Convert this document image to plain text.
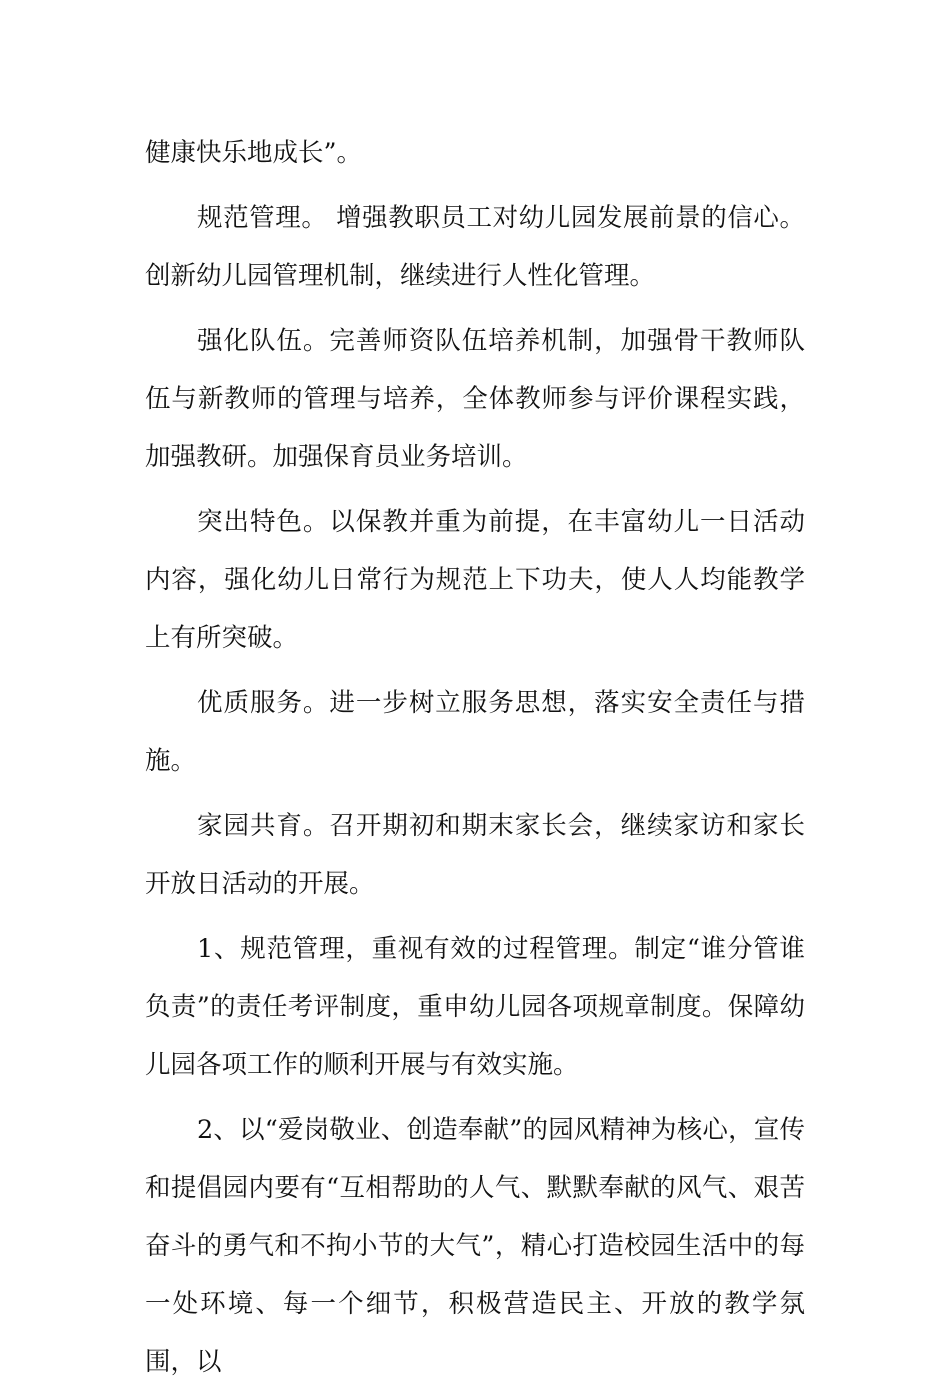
健康快乐地成长”。

规范管理。 增强教职员工对幼儿园发展前景的信心。创新幼儿园管理机制，继续进行人性化管理。

强化队伍。完善师资队伍培养机制，加强骨干教师队伍与新教师的管理与培养，全体教师参与评价课程实践，加强教研。加强保育员业务培训。

突出特色。以保教并重为前提，在丰富幼儿一日活动内容，强化幼儿日常行为规范上下功夫，使人人均能教学上有所突破。

优质服务。进一步树立服务思想，落实安全责任与措施。

家园共育。召开期初和期末家长会，继续家访和家长开放日活动的开展。

1、规范管理，重视有效的过程管理。制定“谁分管谁负责”的责任考评制度，重申幼儿园各项规章制度。保障幼儿园各项工作的顺利开展与有效实施。

2、以“爱岗敬业、创造奉献”的园风精神为核心，宣传和提倡园内要有“互相帮助的人气、默默奉献的风气、艰苦奋斗的勇气和不拘小节的大气”，精心打造校园生活中的每一处环境、每一个细节，积极营造民主、开放的教学氛围，以
